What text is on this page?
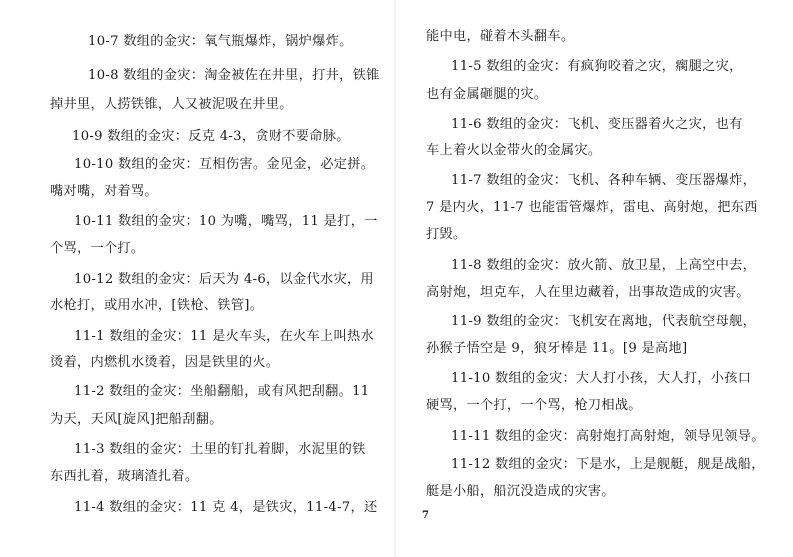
10-7 数组的金灾：氧气瓶爆炸，锅炉爆炸。
10-8 数组的金灾：淘金被佐在井里，打井，铁锥
掉井里，人捞铁锥，人又被泥吸在井里。
10-9 数组的金灾：反克 4-3，贪财不要命脉。
10-10 数组的金灾：互相伤害。金见金，必定拼。
嘴对嘴，对着骂。
10-11 数组的金灾：10 为嘴，嘴骂，11 是打，一
个骂，一个打。
10-12 数组的金灾：后天为 4-6，以金代水灾，用
水枪打，或用水冲，[铁枪、铁管]。
11-1 数组的金灾：11 是火车头，在火车上叫热水
烫着，内燃机水烫着，因是铁里的火。
11-2 数组的金灾：坐船翻船，或有风把刮翻。11
为天，天风[旋风]把船刮翻。
11-3 数组的金灾：土里的钉扎着脚，水泥里的铁
东西扎着，玻璃渣扎着。
11-4 数组的金灾：11 克 4，是铁灾，11-4-7，还
能中电，碰着木头翻车。
11-5 数组的金灾：有疯狗咬着之灾，瘸腿之灾，
也有金属砸腿的灾。
11-6 数组的金灾：飞机、变压器着火之灾，也有
车上着火以金带火的金属灾。
11-7 数组的金灾：飞机、各种车辆、变压器爆炸，
7 是内火，11-7 也能雷管爆炸，雷电、高射炮，把东西
打毁。
11-8 数组的金灾：放火箭、放卫星，上高空中去，
高射炮，坦克车，人在里边藏着，出事故造成的灾害。
11-9 数组的金灾：飞机安在离地，代表航空母舰，
孙猴子悟空是 9，狼牙棒是 11。[9 是高地]
11-10 数组的金灾：大人打小孩，大人打，小孩口
硬骂，一个打，一个骂，枪刀相战。
11-11 数组的金灾：高射炮打高射炮，领导见领导。
11-12 数组的金灾：下是水，上是舰艇，舰是战船，
艇是小船，船沉没造成的灾害。
7
